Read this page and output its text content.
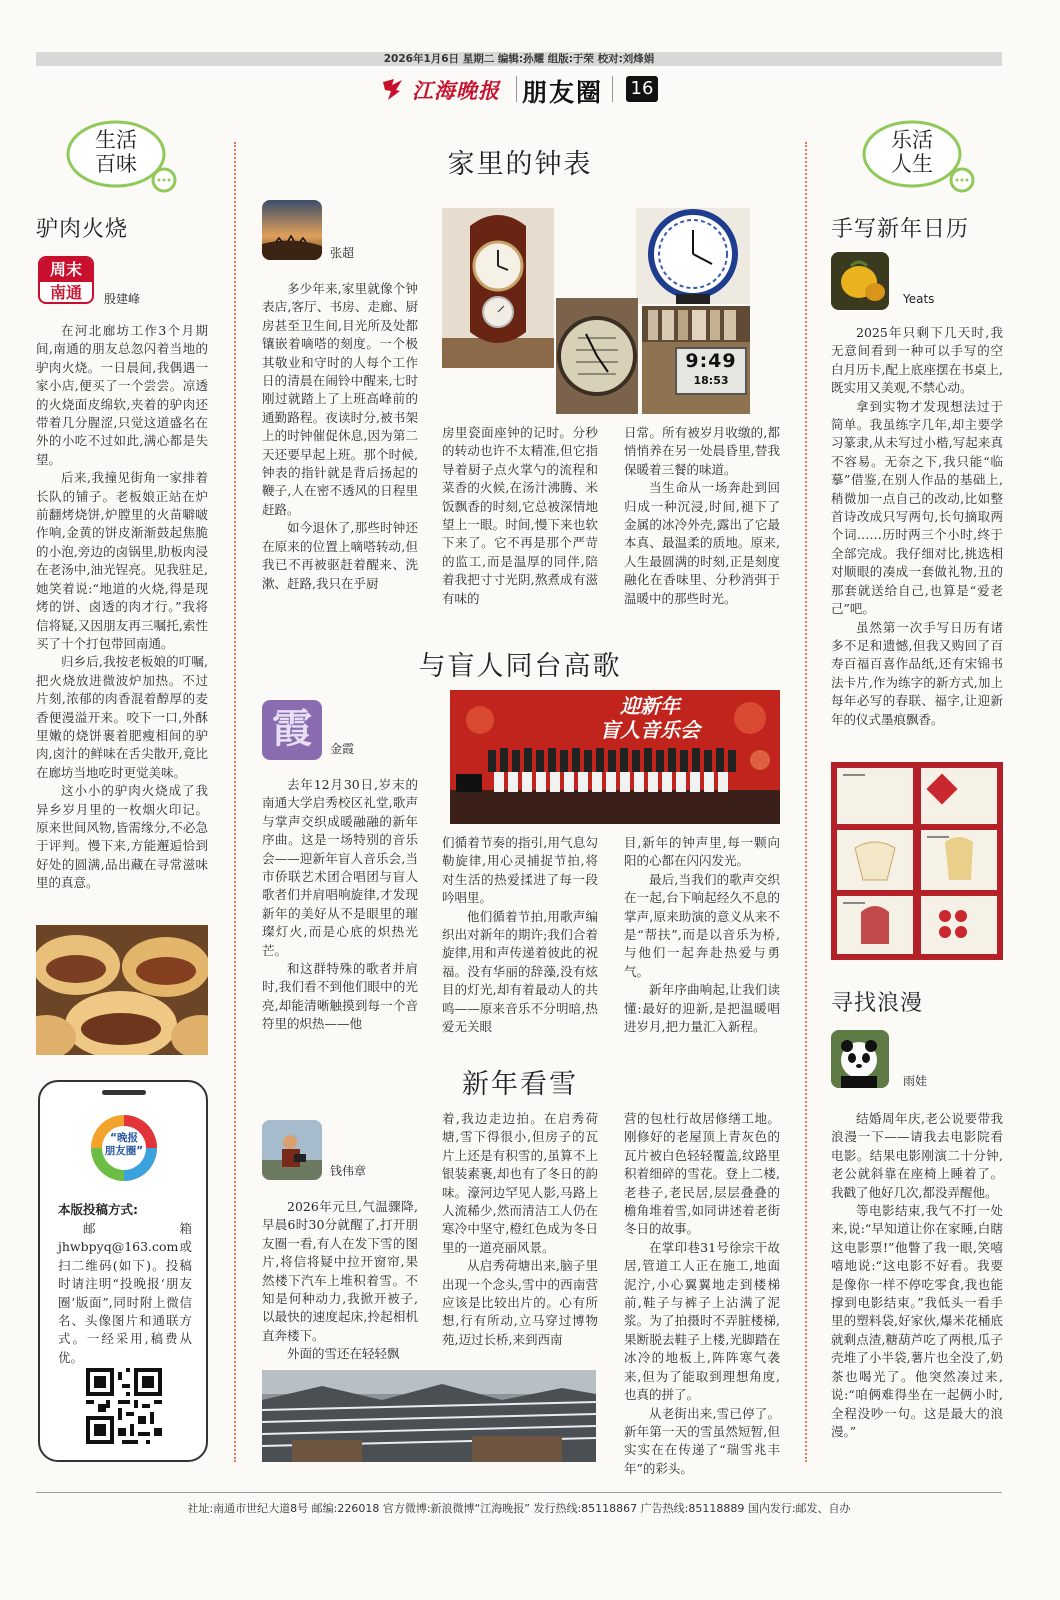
2026年1月6日 星期二 编辑:孙耀 组版:于荣 校对:刘烽娟
江海晚报 朋友圈 16
生活
百味
乐活
人生
驴肉火烧
周末
南通	殷建峰
在河北廊坊工作3个月期间,南通的朋友总忽闪着当地的驴肉火烧。一日晨间,我偶遇一家小店,便买了一个尝尝。凉透的火烧面皮绵软,夹着的驴肉还带着几分腥涩,只觉这道盛名在外的小吃不过如此,满心都是失望。
后来,我撞见街角一家排着长队的铺子。老板娘正站在炉前翻烤烧饼,炉膛里的火苗噼啵作响,金黄的饼皮渐渐鼓起焦脆的小泡,旁边的卤锅里,肋板肉浸在老汤中,油光锃亮。见我驻足,她笑着说:“地道的火烧,得是现烤的饼、卤透的肉才行。”我将信将疑,又因朋友再三嘱托,索性买了十个打包带回南通。
归乡后,我按老板娘的叮嘱,把火烧放进微波炉加热。不过片刻,浓郁的肉香混着醇厚的麦香便漫溢开来。咬下一口,外酥里嫩的烧饼裹着肥瘦相间的驴肉,卤汁的鲜味在舌尖散开,竟比在廊坊当地吃时更觉美味。
这小小的驴肉火烧成了我异乡岁月里的一枚烟火印记。原来世间风物,皆需缘分,不必急于评判。慢下来,方能邂逅恰到好处的圆满,品出藏在寻常滋味里的真意。
“晚报
朋友圈”
本版投稿方式:
邮箱 jhwbpyq@163.com或扫二维码(如下)。投稿时请注明“投晚报‘朋友圈’版面”,同时附上微信名、头像图片和通联方式。一经采用,稿费从优。
家里的钟表
张超
多少年来,家里就像个钟表店,客厅、书房、走廊、厨房甚至卫生间,目光所及处都镶嵌着嘀嗒的刻度。一个极其敬业和守时的人每个工作日的清晨在闹铃中醒来,七时刚过就踏上了上班高峰前的通勤路程。夜读时分,被书架上的时钟催促休息,因为第二天还要早起上班。那个时候,钟表的指针就是背后扬起的鞭子,人在密不透风的日程里赶路。
如今退休了,那些时钟还在原来的位置上嘀嗒转动,但我已不再被驱赶着醒来、洗漱、赶路,我只在乎厨
9:49
18:53
房里瓷面座钟的记时。分秒的转动也许不太精准,但它指导着厨子点火掌勺的流程和菜香的火候,在汤汁沸腾、米饭飘香的时刻,它总被深情地望上一眼。时间,慢下来也软下来了。它不再是那个严苛的监工,而是温厚的同伴,陪着我把寸寸光阴,熬煮成有滋有味的
日常。所有被岁月收缴的,都悄悄养在另一处晨昏里,替我保暖着三餐的味道。
当生命从一场奔赴到回归成一种沉浸,时间,褪下了金属的冰冷外壳,露出了它最本真、最温柔的质地。原来,人生最圆满的时刻,正是刻度融化在香味里、分秒消弭于温暖中的那些时光。
与盲人同台高歌
霞	金霞
迎新年
盲人音乐会
去年12月30日,岁末的南通大学启秀校区礼堂,歌声与掌声交织成暖融融的新年序曲。这是一场特别的音乐会——迎新年盲人音乐会,当市侨联艺术团合唱团与盲人歌者们并肩唱响旋律,才发现新年的美好从不是眼里的璀璨灯火,而是心底的炽热光芒。
和这群特殊的歌者并肩时,我们看不到他们眼中的光亮,却能清晰触摸到每一个音符里的炽热——他
们循着节奏的指引,用气息勾勒旋律,用心灵捕捉节拍,将对生活的热爱揉进了每一段吟唱里。
他们循着节拍,用歌声编织出对新年的期许;我们合着旋律,用和声传递着彼此的祝福。没有华丽的辞藻,没有炫目的灯光,却有着最动人的共鸣——原来音乐不分明暗,热爱无关眼
目,新年的钟声里,每一颗向阳的心都在闪闪发光。
最后,当我们的歌声交织在一起,台下响起经久不息的掌声,原来助演的意义从来不是“帮扶”,而是以音乐为桥,与他们一起奔赴热爱与勇气。
新年序曲响起,让我们读懂:最好的迎新,是把温暖唱进岁月,把力量汇入新程。
新年看雪
钱伟章
2026年元旦,气温骤降,早晨6时30分就醒了,打开朋友圈一看,有人在发下雪的图片,将信将疑中拉开窗帘,果然楼下汽车上堆积着雪。不知是何种动力,我掀开被子,以最快的速度起床,拎起相机直奔楼下。
外面的雪还在轻轻飘
着,我边走边拍。在启秀荷塘,雪下得很小,但房子的瓦片上还是有积雪的,虽算不上银装素裹,却也有了冬日的韵味。濠河边罕见人影,马路上人流稀少,然而清洁工人仍在寒冷中坚守,橙红色成为冬日里的一道亮丽风景。
从启秀荷塘出来,脑子里出现一个念头,雪中的西南营应该是比较出片的。心有所想,行有所动,立马穿过博物苑,迈过长桥,来到西南
营的包杜行故居修缮工地。刚修好的老屋顶上青灰色的瓦片被白色轻轻覆盖,纹路里积着细碎的雪花。登上二楼,老巷子,老民居,层层叠叠的檐角堆着雪,如同讲述着老街冬日的故事。
在掌印巷31号徐宗干故居,管道工人正在施工,地面泥泞,小心翼翼地走到楼梯前,鞋子与裤子上沾满了泥浆。为了拍摄时不弄脏楼梯,果断脱去鞋子上楼,光脚踏在冰冷的地板上,阵阵寒气袭来,但为了能取到理想角度,也真的拼了。
从老街出来,雪已停了。新年第一天的雪虽然短暂,但实实在在传递了“瑞雪兆丰年”的彩头。
手写新年日历
Yeats
2025年只剩下几天时,我无意间看到一种可以手写的空白月历卡,配上底座摆在书桌上,既实用又美观,不禁心动。
拿到实物才发现想法过于简单。我虽练字几年,却主要学习篆隶,从未写过小楷,写起来真不容易。无奈之下,我只能“临摹”借鉴,在别人作品的基础上,稍微加一点自己的改动,比如整首诗改成只写两句,长句摘取两个词……历时两三个小时,终于全部完成。我仔细对比,挑选相对顺眼的凑成一套做礼物,丑的那套就送给自己,也算是“爱老己”吧。
虽然第一次手写日历有诸多不足和遗憾,但我又购回了百寿百福百喜作品纸,还有宋锦书法卡片,作为练字的新方式,加上每年必写的春联、福字,让迎新年的仪式墨痕飘香。
寻找浪漫
雨娃
结婚周年庆,老公说要带我浪漫一下——请我去电影院看电影。结果电影刚演二十分钟,老公就斜靠在座椅上睡着了。我戳了他好几次,都没弄醒他。
等电影结束,我气不打一处来,说:“早知道让你在家睡,白瞎这电影票!”他瞥了我一眼,笑嘻嘻地说:“这电影不好看。我要是像你一样不停吃零食,我也能撑到电影结束。”我低头一看手里的塑料袋,好家伙,爆米花桶底就剩点渣,糖葫芦吃了两根,瓜子壳堆了小半袋,薯片也全没了,奶茶也喝光了。他突然凑过来,说:“咱俩难得坐在一起俩小时,全程没吵一句。这是最大的浪漫。”
社址:南通市世纪大道8号 邮编:226018 官方微博:新浪微博“江海晚报” 发行热线:85118867 广告热线:85118889 国内发行:邮发、自办
